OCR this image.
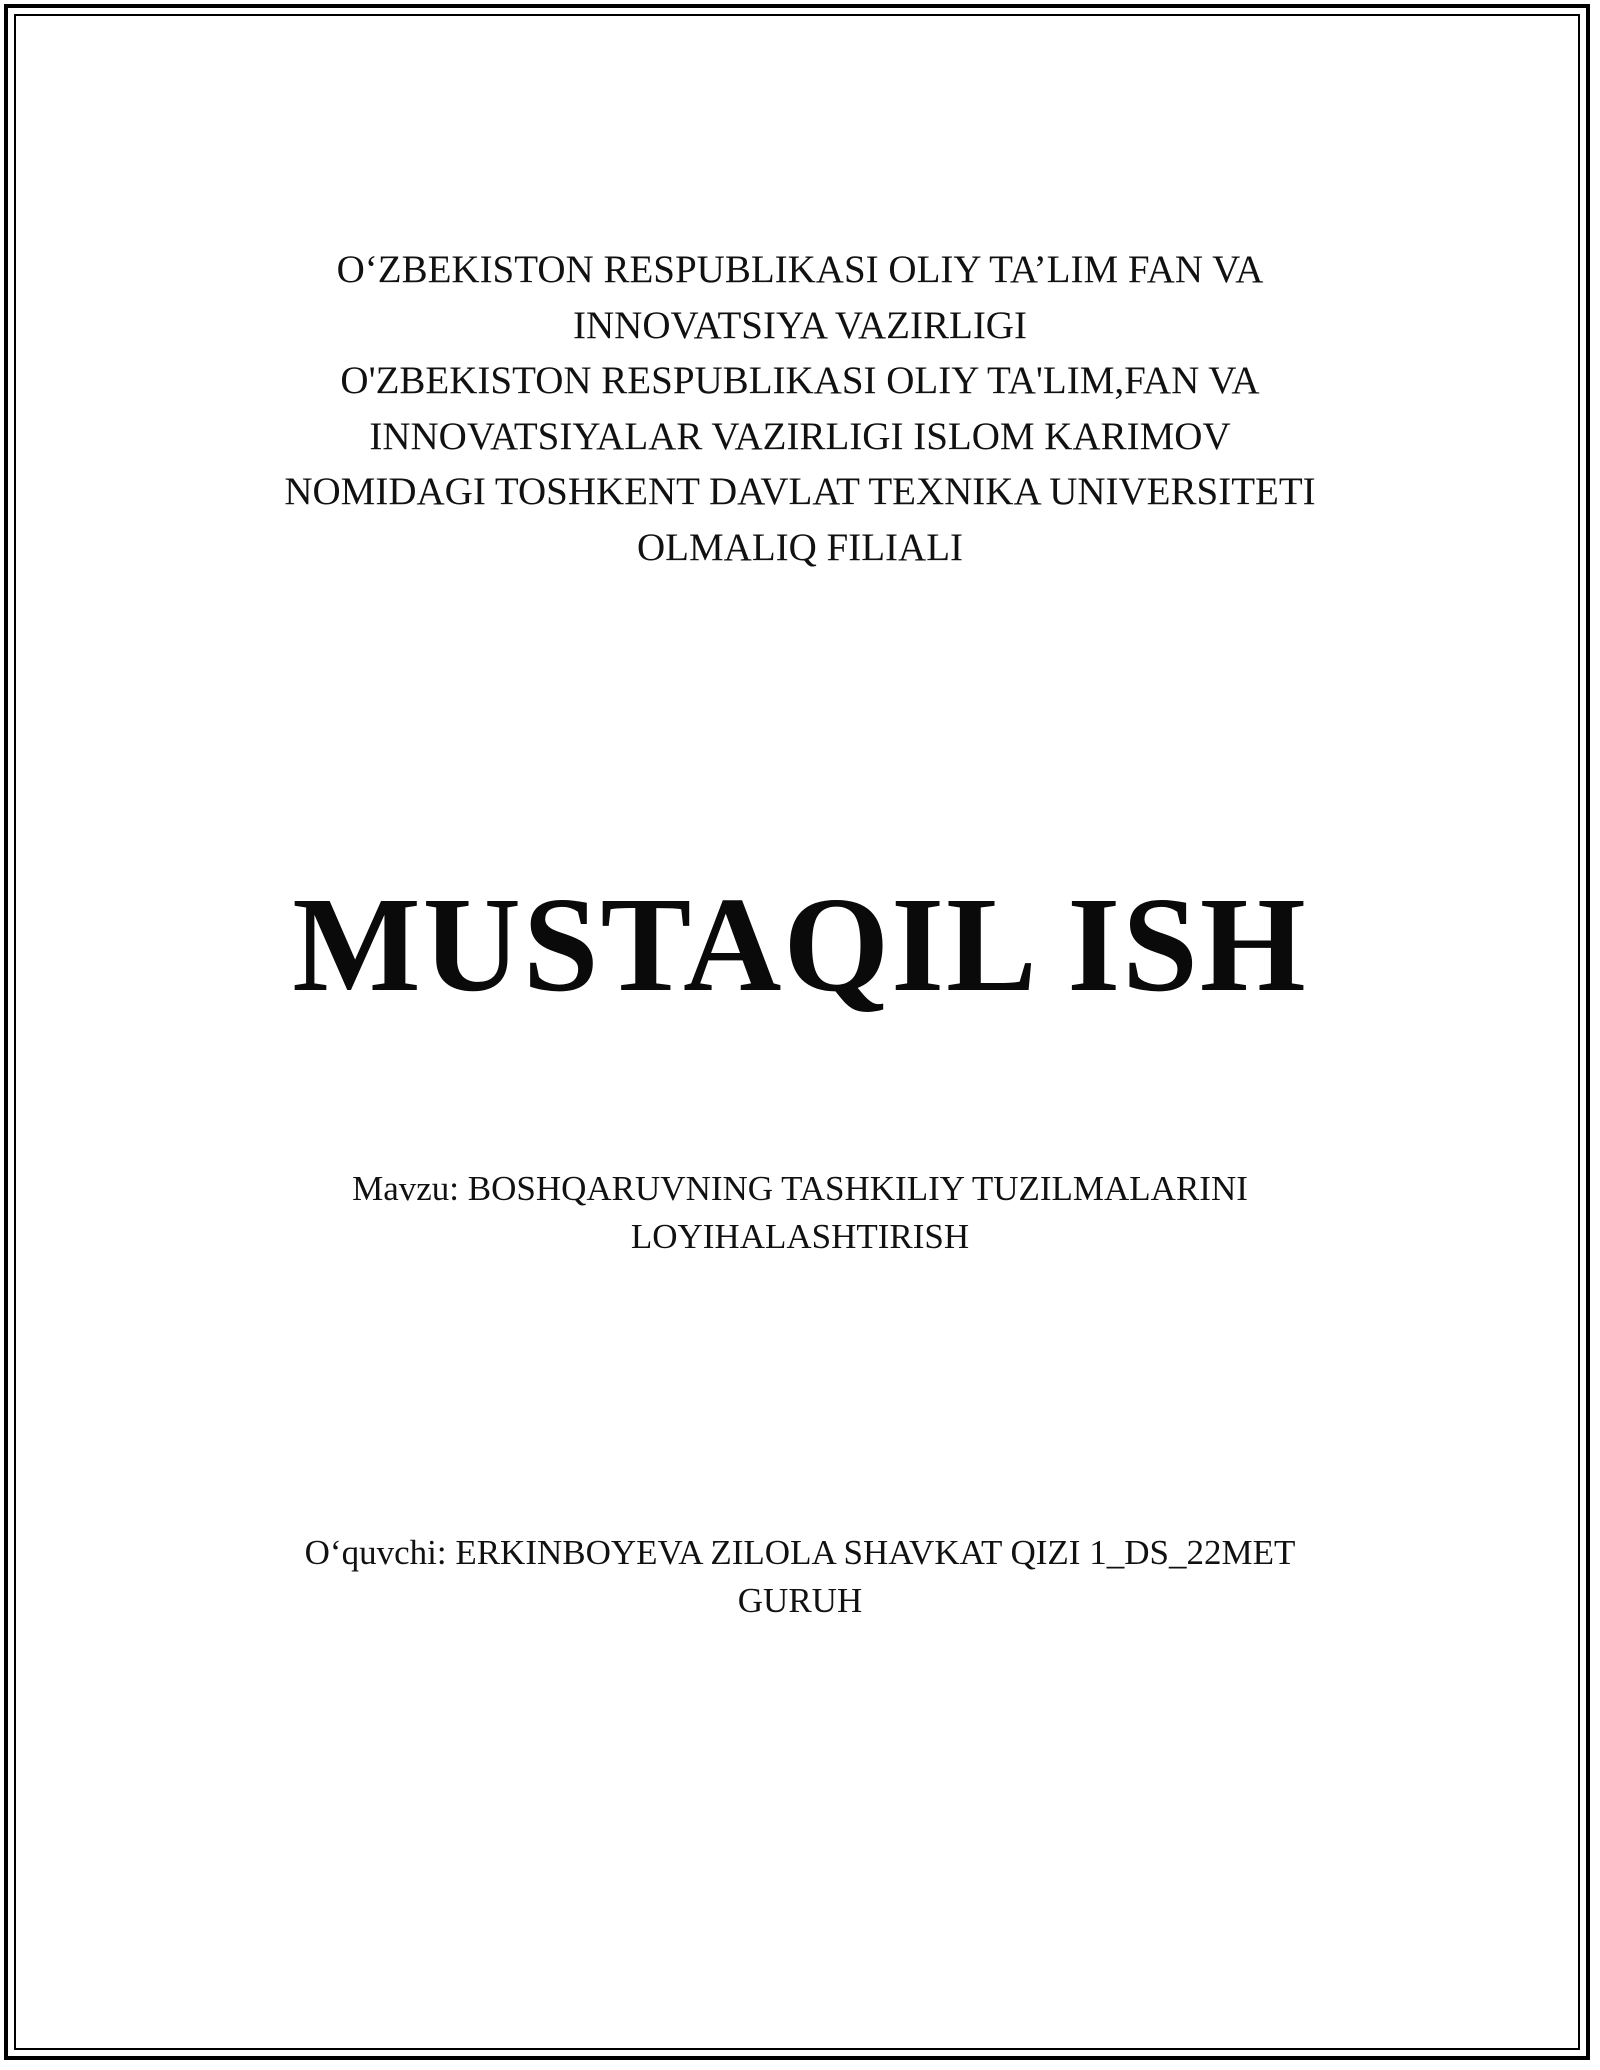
O‘ZBEKISTON RESPUBLIKASI OLIY TA’LIM FAN VA
INNOVATSIYA VAZIRLIGI
O'ZBEKISTON RESPUBLIKASI OLIY TA'LIM,FAN VA
INNOVATSIYALAR VAZIRLIGI ISLOM KARIMOV
NOMIDAGI TOSHKENT DAVLAT TEXNIKA UNIVERSITETI
OLMALIQ FILIALI
MUSTAQIL ISH
Mavzu: BOSHQARUVNING TASHKILIY TUZILMALARINI
LOYIHALASHTIRISH
O‘quvchi: ERKINBOYEVA ZILOLA SHAVKAT QIZI 1_DS_22MET
GURUH
